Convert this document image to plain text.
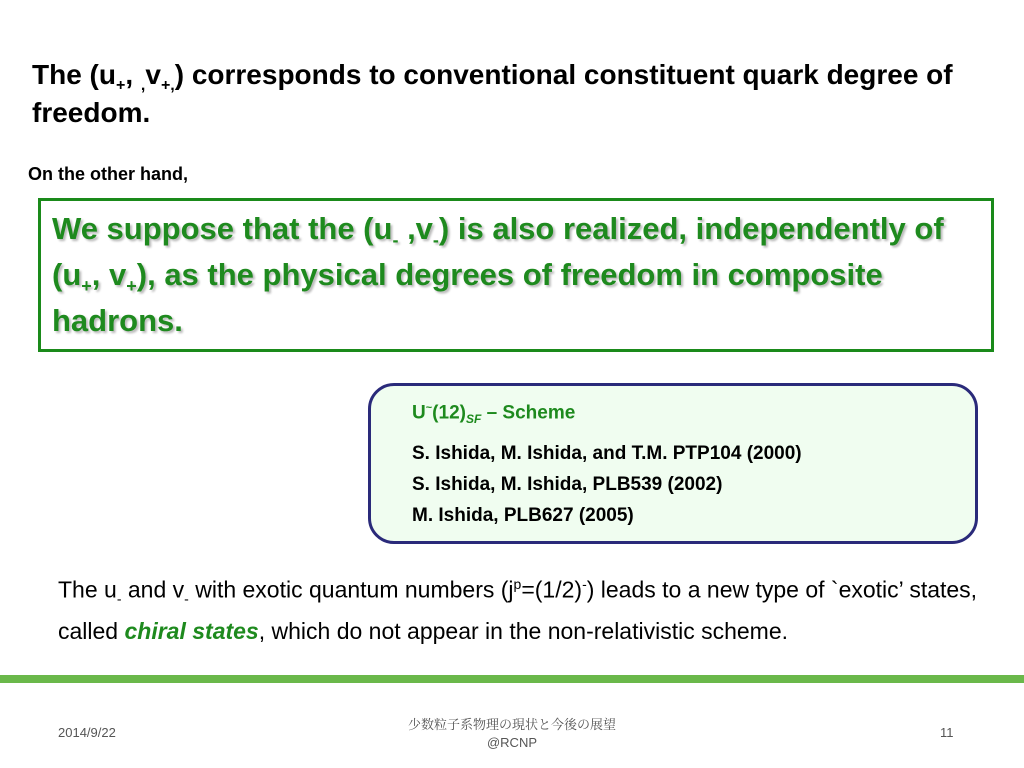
The ($u_+$, $_,v_{+,}$) corresponds to conventional constituent quark degree of freedom.
On the other hand,
We suppose that the ($u_-$ $,v_-$) is also realized, independently of ($u_+$, $v_+$), as the physical degrees of freedom in composite hadrons.
$U^\sim(12)_{SF}$ – Scheme
S. Ishida, M. Ishida, and T.M. PTP104 (2000)
S. Ishida, M. Ishida, PLB539 (2002)
M. Ishida, PLB627 (2005)
The $u_-$ and $v_-$ with exotic quantum numbers $(j^p=(1/2)^-)$ leads to a new type of `exotic’ states, called chiral states, which do not appear in the non-relativistic scheme.
2014/9/22
少数粒子系物理の現状と今後の展望
@RCNP
11
